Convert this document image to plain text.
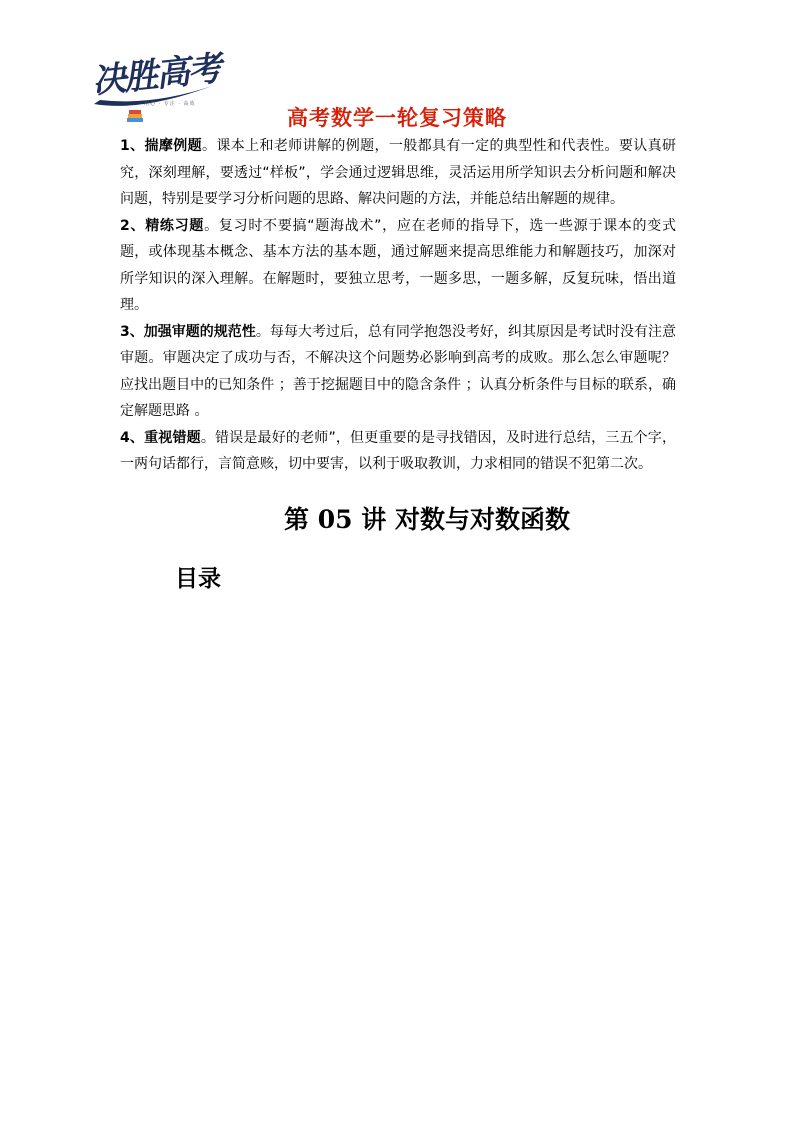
决胜高考
用心 · 专注 · 高效
高考数学一轮复习策略

1、揣摩例题。课本上和老师讲解的例题，一般都具有一定的典型性和代表性。要认真研究，深刻理解，要透过“样板”，学会通过逻辑思维，灵活运用所学知识去分析问题和解决问题，特别是要学习分析问题的思路、解决问题的方法，并能总结出解题的规律。

2、精练习题。复习时不要搞“题海战术”，应在老师的指导下，选一些源于课本的变式题，或体现基本概念、基本方法的基本题，通过解题来提高思维能力和解题技巧，加深对所学知识的深入理解。在解题时，要独立思考，一题多思，一题多解，反复玩味，悟出道理。

3、加强审题的规范性。每每大考过后，总有同学抱怨没考好，纠其原因是考试时没有注意审题。审题决定了成功与否，不解决这个问题势必影响到高考的成败。那么怎么审题呢？应找出题目中的已知条件 ；善于挖掘题目中的隐含条件 ；认真分析条件与目标的联系，确定解题思路 。

4、重视错题。错误是最好的老师”，但更重要的是寻找错因，及时进行总结，三五个字，一两句话都行，言简意赅，切中要害，以利于吸取教训，力求相同的错误不犯第二次。

第 05 讲 对数与对数函数
目录
